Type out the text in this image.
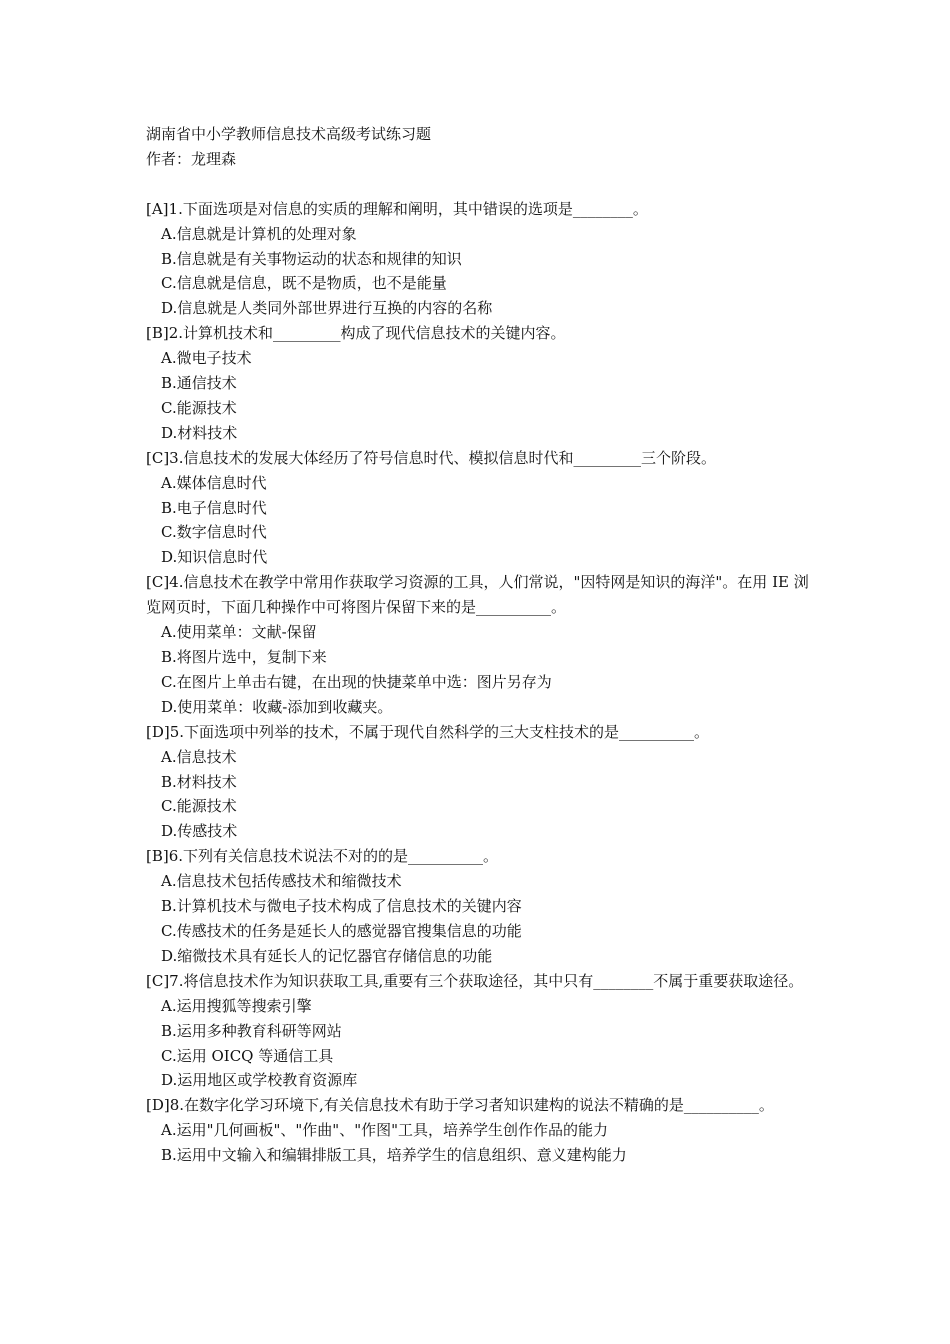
湖南省中小学教师信息技术高级考试练习题
作者：龙理森
[A]1.下面选项是对信息的实质的理解和阐明，其中错误的选项是________。
A.信息就是计算机的处理对象
B.信息就是有关事物运动的状态和规律的知识
C.信息就是信息，既不是物质，也不是能量
D.信息就是人类同外部世界进行互换的内容的名称
[B]2.计算机技术和_________构成了现代信息技术的关键内容。
A.微电子技术
B.通信技术
C.能源技术
D.材料技术
[C]3.信息技术的发展大体经历了符号信息时代、模拟信息时代和_________三个阶段。
A.媒体信息时代
B.电子信息时代
C.数字信息时代
D.知识信息时代
[C]4.信息技术在教学中常用作获取学习资源的工具，人们常说，"因特网是知识的海洋"。在用 IE 浏览网页时，下面几种操作中可将图片保留下来的是__________。
A.使用菜单：文献-保留
B.将图片选中，复制下来
C.在图片上单击右键，在出现的快捷菜单中选：图片另存为
D.使用菜单：收藏-添加到收藏夹。
[D]5.下面选项中列举的技术，不属于现代自然科学的三大支柱技术的是__________。
A.信息技术
B.材料技术
C.能源技术
D.传感技术
[B]6.下列有关信息技术说法不对的的是__________。
A.信息技术包括传感技术和缩微技术
B.计算机技术与微电子技术构成了信息技术的关键内容
C.传感技术的任务是延长人的感觉器官搜集信息的功能
D.缩微技术具有延长人的记忆器官存储信息的功能
[C]7.将信息技术作为知识获取工具,重要有三个获取途径，其中只有________不属于重要获取途径。
A.运用搜狐等搜索引擎
B.运用多种教育科研等网站
C.运用 OICQ 等通信工具
D.运用地区或学校教育资源库
[D]8.在数字化学习环境下,有关信息技术有助于学习者知识建构的说法不精确的是__________。
A.运用"几何画板"、"作曲"、"作图"工具，培养学生创作作品的能力
B.运用中文输入和编辑排版工具，培养学生的信息组织、意义建构能力
